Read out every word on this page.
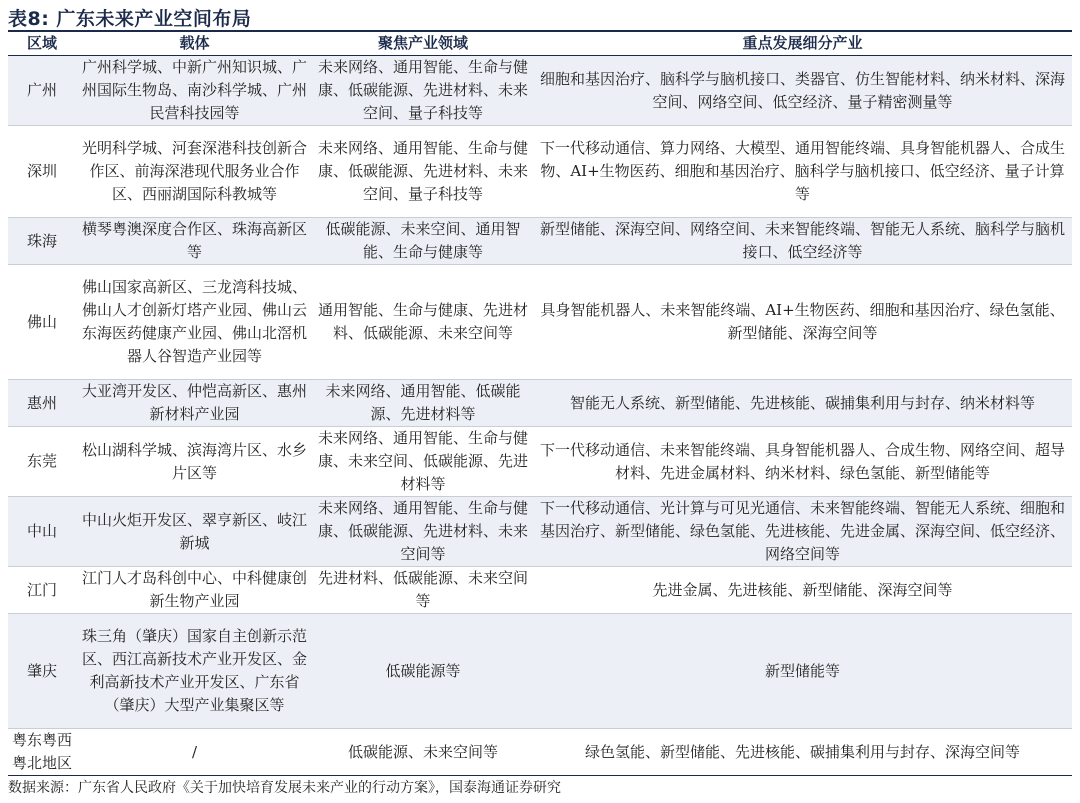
表8: 广东未来产业空间布局
区域	载体	聚焦产业领域	重点发展细分产业
广州	广州科学城、中新广州知识城、广州国际生物岛、南沙科学城、广州民营科技园等	未来网络、通用智能、生命与健康、低碳能源、先进材料、未来空间、量子科技等	细胞和基因治疗、脑科学与脑机接口、类器官、仿生智能材料、纳米材料、深海空间、网络空间、低空经济、量子精密测量等
深圳	光明科学城、河套深港科技创新合作区、前海深港现代服务业合作区、西丽湖国际科教城等	未来网络、通用智能、生命与健康、低碳能源、先进材料、未来空间、量子科技等	下一代移动通信、算力网络、大模型、通用智能终端、具身智能机器人、合成生物、AI+生物医药、细胞和基因治疗、脑科学与脑机接口、低空经济、量子计算等
珠海	横琴粤澳深度合作区、珠海高新区等	低碳能源、未来空间、通用智能、生命与健康等	新型储能、深海空间、网络空间、未来智能终端、智能无人系统、脑科学与脑机接口、低空经济等
佛山	佛山国家高新区、三龙湾科技城、佛山人才创新灯塔产业园、佛山云东海医药健康产业园、佛山北滘机器人谷智造产业园等	通用智能、生命与健康、先进材料、低碳能源、未来空间等	具身智能机器人、未来智能终端、AI+生物医药、细胞和基因治疗、绿色氢能、新型储能、深海空间等
惠州	大亚湾开发区、仲恺高新区、惠州新材料产业园	未来网络、通用智能、低碳能源、先进材料等	智能无人系统、新型储能、先进核能、碳捕集利用与封存、纳米材料等
东莞	松山湖科学城、滨海湾片区、水乡片区等	未来网络、通用智能、生命与健康、未来空间、低碳能源、先进材料等	下一代移动通信、未来智能终端、具身智能机器人、合成生物、网络空间、超导材料、先进金属材料、纳米材料、绿色氢能、新型储能等
中山	中山火炬开发区、翠亨新区、岐江新城	未来网络、通用智能、生命与健康、低碳能源、先进材料、未来空间等	下一代移动通信、光计算与可见光通信、未来智能终端、智能无人系统、细胞和基因治疗、新型储能、绿色氢能、先进核能、先进金属、深海空间、低空经济、网络空间等
江门	江门人才岛科创中心、中科健康创新生物产业园	先进材料、低碳能源、未来空间等	先进金属、先进核能、新型储能、深海空间等
肇庆	珠三角（肇庆）国家自主创新示范区、西江高新技术产业开发区、金利高新技术产业开发区、广东省（肇庆）大型产业集聚区等	低碳能源等	新型储能等
粤东粤西粤北地区	/	低碳能源、未来空间等	绿色氢能、新型储能、先进核能、碳捕集利用与封存、深海空间等
数据来源：广东省人民政府《关于加快培育发展未来产业的行动方案》，国泰海通证券研究
